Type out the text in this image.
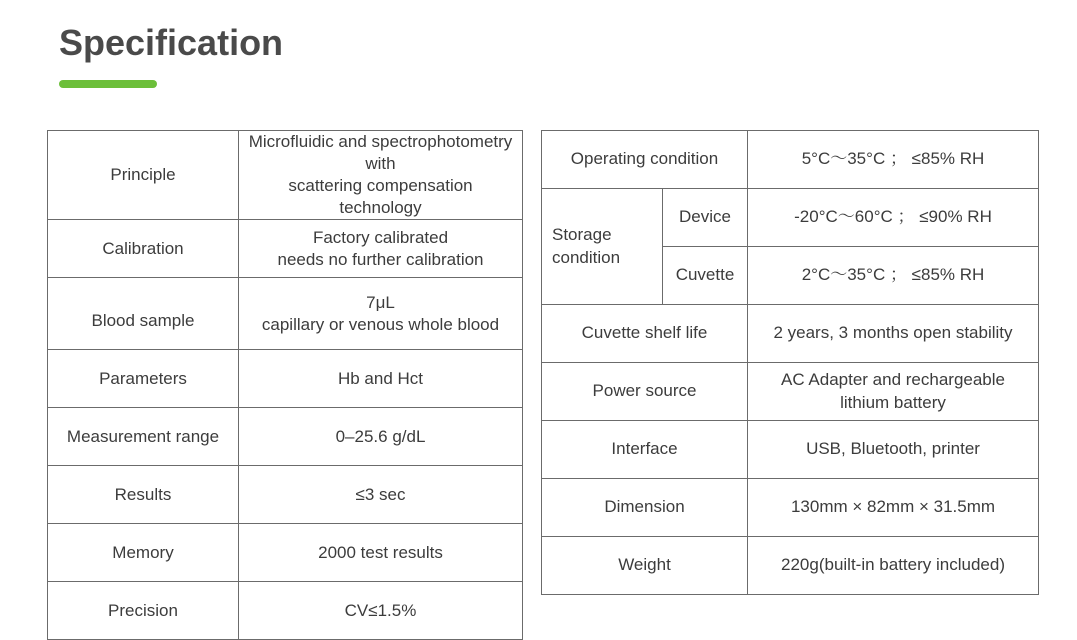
Specification
Principle	Microfluidic and spectrophotometry with
scattering compensation technology
Calibration	Factory calibrated
needs no further calibration
Blood sample	7μL
capillary or venous whole blood
Parameters	Hb and Hct
Measurement range	0–25.6 g/dL
Results	≤3 sec
Memory	2000 test results
Precision	CV≤1.5%
Operating condition		5°C～35°C ； ≤85% RH
Storage
condition	Device	-20°C～60°C ； ≤90% RH
	Cuvette	2°C～35°C ； ≤85% RH
Cuvette shelf life		2 years, 3 months open stability
Power source		AC Adapter and rechargeable
lithium battery
Interface		USB, Bluetooth, printer
Dimension		130mm × 82mm × 31.5mm
Weight		220g(built-in battery included)
